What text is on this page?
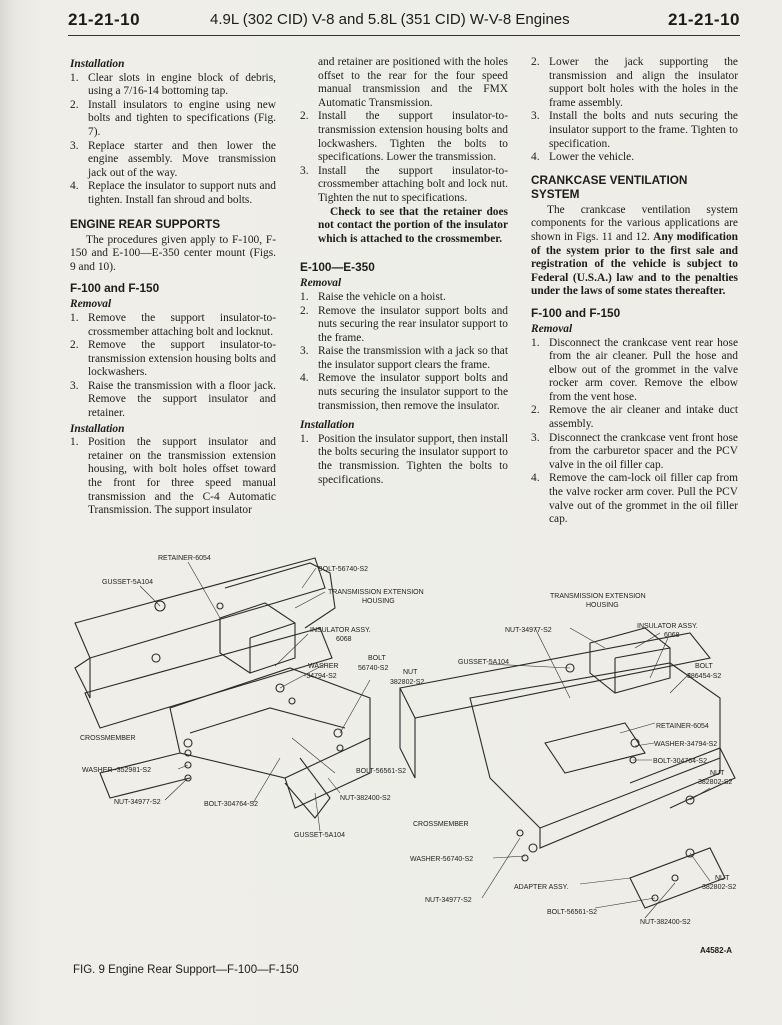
21-21-10	4.9L (302 CID) V-8 and 5.8L (351 CID) W-V-8 Engines	21-21-10
Installation
1. Clear slots in engine block of debris, using a 7/16-14 bottoming tap.
2. Install insulators to engine using new bolts and tighten to specifications (Fig. 7).
3. Replace starter and then lower the engine assembly. Move transmission jack out of the way.
4. Replace the insulator to support nuts and tighten. Install fan shroud and bolts.
ENGINE REAR SUPPORTS

The procedures given apply to F-100, F-150 and E-100—E-350 center mount (Figs. 9 and 10).

F-100 and F-150
Removal
1. Remove the support insulator-to-crossmember attaching bolt and locknut.
2. Remove the support insulator-to-transmission extension housing bolts and lockwashers.
3. Raise the transmission with a floor jack. Remove the support insulator and retainer.
Installation
1. Position the support insulator and retainer on the transmission extension housing, with bolt holes offset toward the front for three speed manual transmission and the C-4 Automatic Transmission. The support insulator

and retainer are positioned with the holes offset to the rear for the four speed manual transmission and the FMX Automatic Transmission.

2. Install the support insulator-to-transmission extension housing bolts and lockwashers. Tighten the bolts to specifications. Lower the transmission.
3. Install the support insulator-to-crossmember attaching bolt and lock nut. Tighten the nut to specifications.

Check to see that the retainer does not contact the portion of the insulator which is attached to the crossmember.

E-100—E-350
Removal
1. Raise the vehicle on a hoist.
2. Remove the insulator support bolts and nuts securing the rear insulator support to the frame.
3. Raise the transmission with a jack so that the insulator support clears the frame.
4. Remove the insulator support bolts and nuts securing the insulator support to the transmission, then remove the insulator.
Installation
1. Position the insulator support, then install the bolts securing the insulator support to the transmission. Tighten the bolts to specifications.
2. Lower the jack supporting the transmission and align the insulator support bolt holes with the holes in the frame assembly.
3. Install the bolts and nuts securing the insulator support to the frame. Tighten to specification.
4. Lower the vehicle.
CRANKCASE VENTILATION SYSTEM

The crankcase ventilation system components for the various applications are shown in Figs. 11 and 12. Any modification of the system prior to the first sale and registration of the vehicle is subject to Federal (U.S.A.) law and to the penalties under the laws of some states thereafter.

F-100 and F-150
Removal
1. Disconnect the crankcase vent rear hose from the air cleaner. Pull the hose and elbow out of the grommet in the valve rocker arm cover. Remove the elbow from the vent hose.
2. Remove the air cleaner and intake duct assembly.
3. Disconnect the crankcase vent front hose from the carburetor spacer and the PCV valve in the oil filler cap.
4. Remove the cam-lock oil filler cap from the valve rocker arm cover. Pull the PCV valve out of the grommet in the oil filler cap.
RETAINER-6054
GUSSET-5A104
BOLT-56740-S2
TRANSMISSION EXTENSION
HOUSING
INSULATOR ASSY.
6068
WASHER
-34794-S2
BOLT
56740-S2
NUT
382802-S2
CROSSMEMBER
WASHER -352981-S2	BOLT-56561-S2
NUT-382400-S2
NUT-34977-S2	BOLT-304764-S2
GUSSET-5A104
TRANSMISSION EXTENSION
HOUSING
NUT-34977-S2
GUSSET-5A104
INSULATOR ASSY.
6068
BOLT
386454-S2
RETAINER-6054
WASHER-34794-S2
BOLT-304764-S2
NUT
382802-S2
CROSSMEMBER
WASHER-56740-S2
ADAPTER ASSY.
NUT
382802-S2
NUT-34977-S2
BOLT-56561-S2
NUT-382400-S2
A4582-A
FIG. 9 Engine Rear Support—F-100—F-150
